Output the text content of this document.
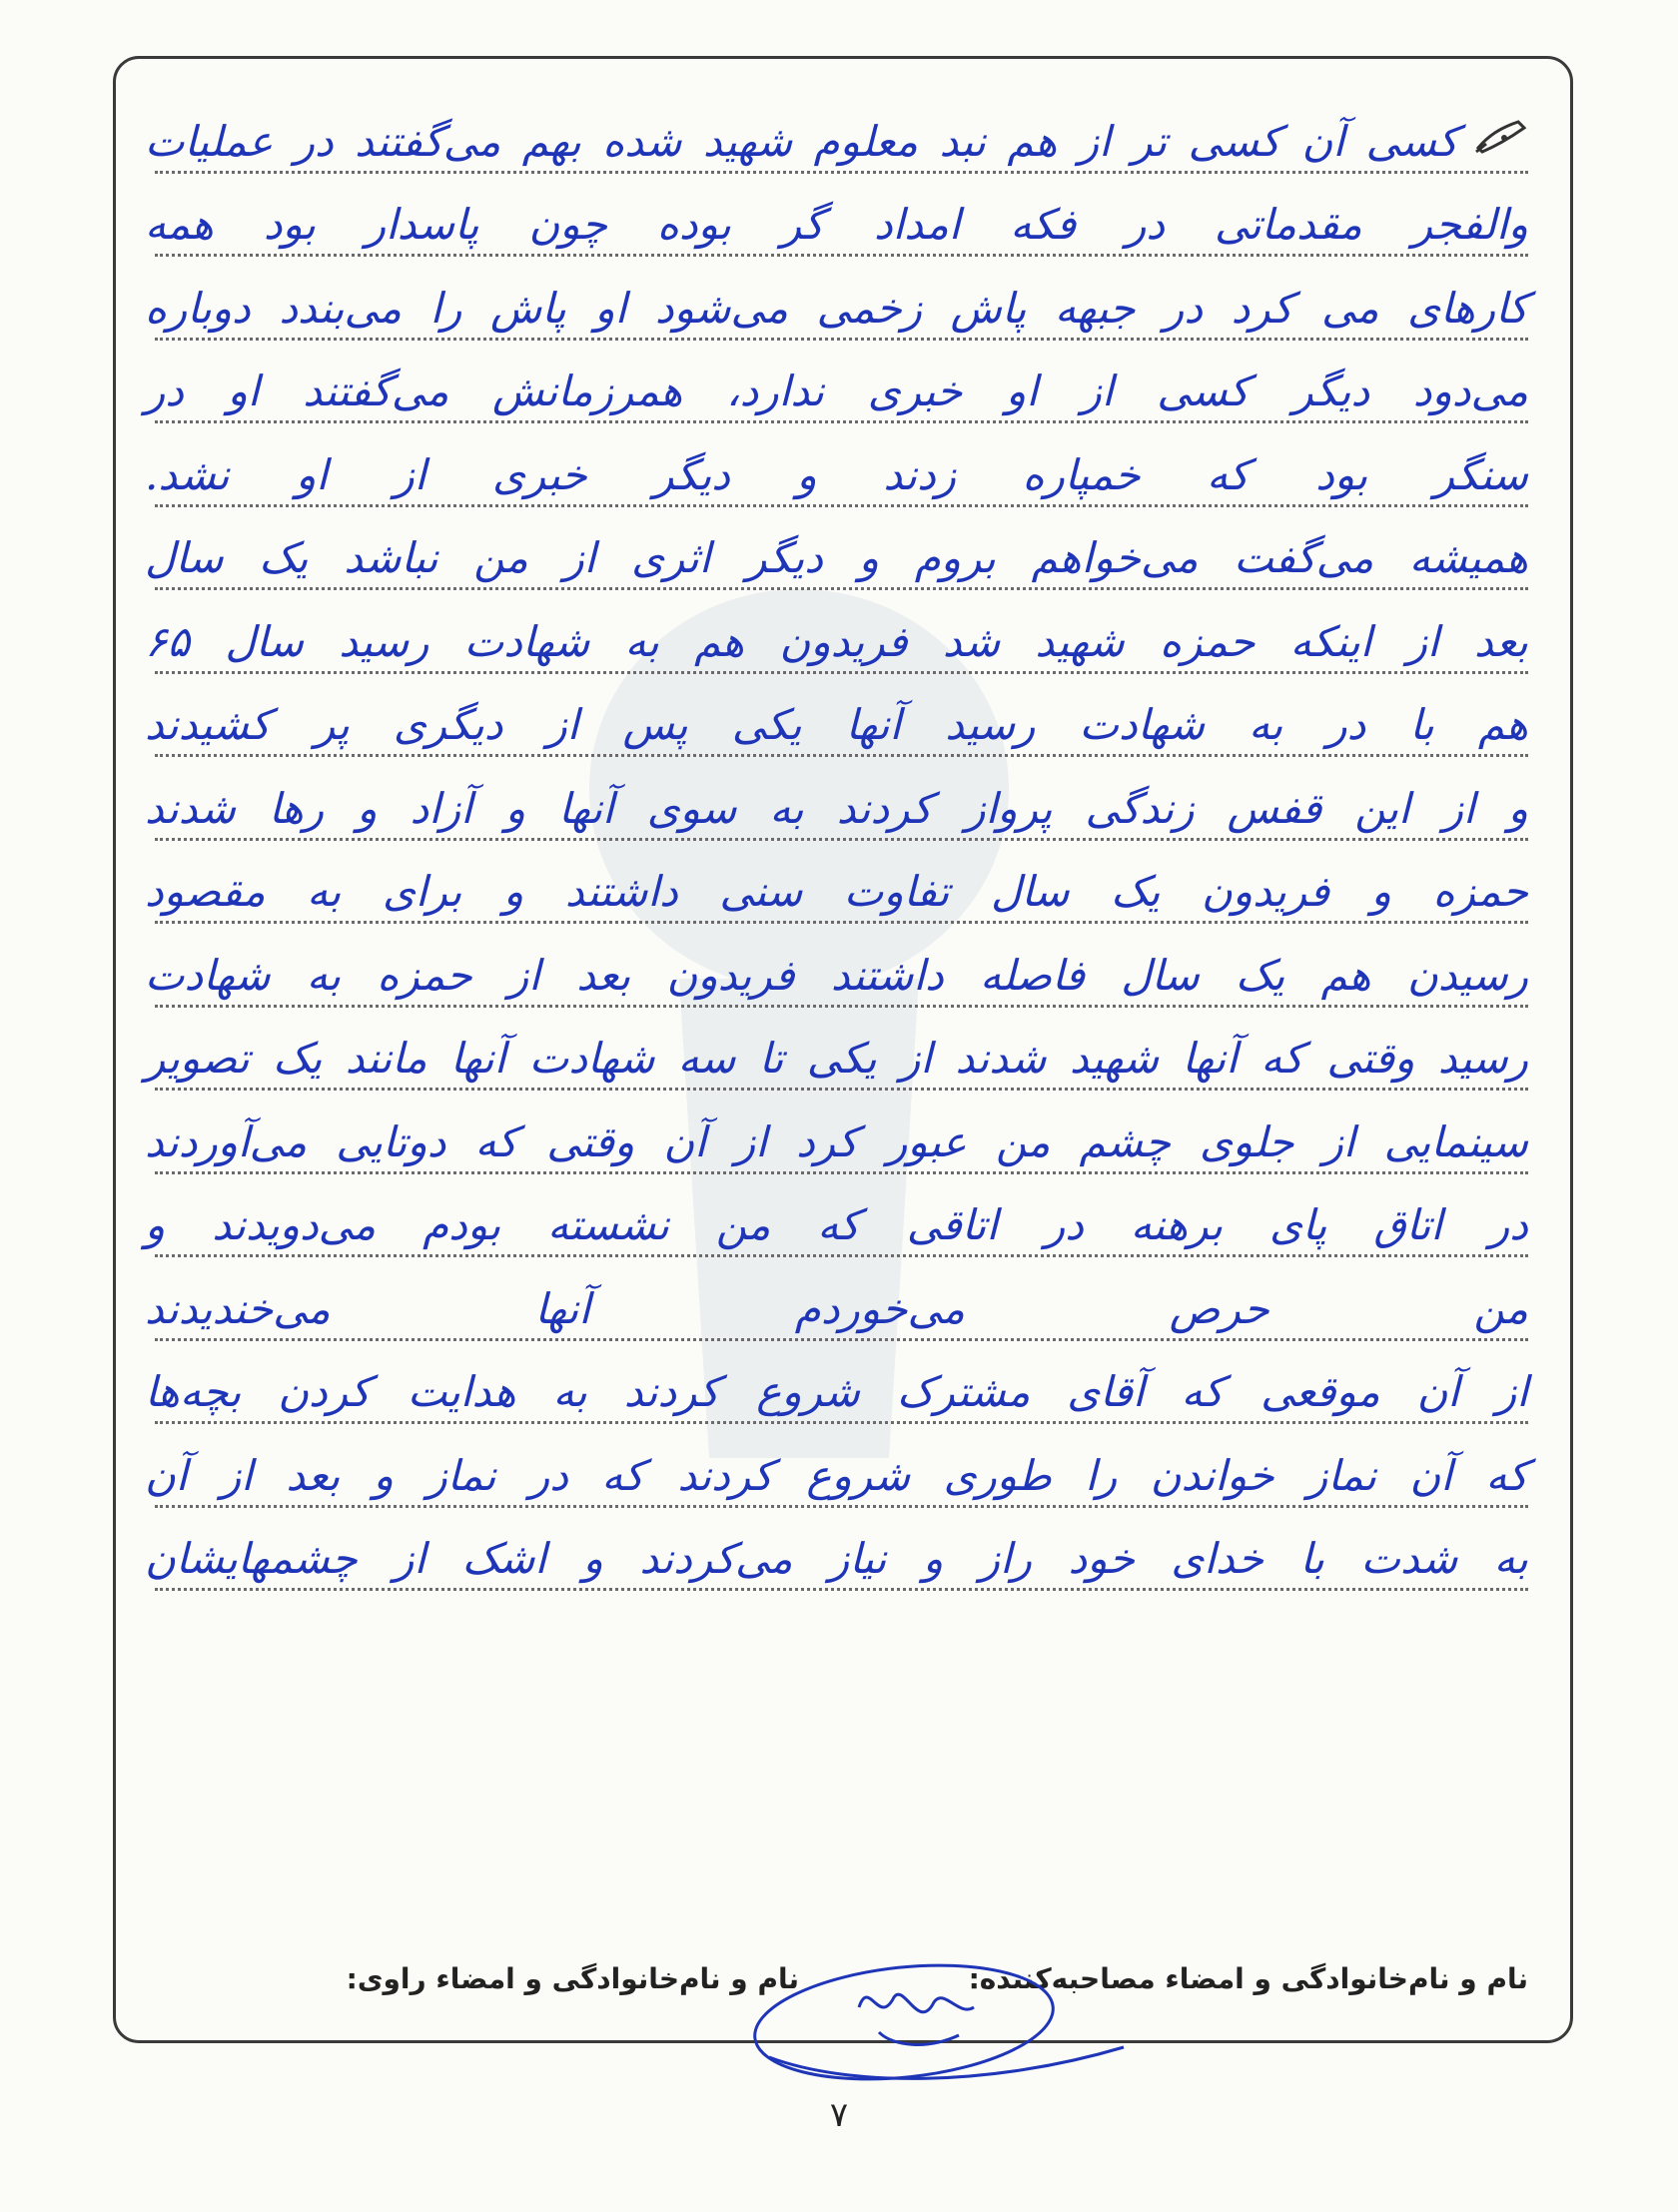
کسی آن کسی تر از هم نبد معلوم شهید شده بهم می‌گفتند در عملیات
والفجر مقدماتی در فکه امداد گر بوده چون پاسدار بود همه
کارهای می کرد در جبهه پاش زخمی می‌شود او پاش را می‌بندد دوباره
می‌دود دیگر کسی از او خبری ندارد، همرزمانش می‌گفتند او در
سنگر بود که خمپاره زدند و دیگر خبری از او نشد.
همیشه می‌گفت می‌خواهم بروم و دیگر اثری از من نباشد یک سال
بعد از اینکه حمزه شهید شد فریدون هم به شهادت رسید سال ۶۵
هم با در به شهادت رسید آنها یکی پس از دیگری پر کشیدند
و از این قفس زندگی پرواز کردند به سوی آنها و آزاد و رها شدند
حمزه و فریدون یک سال تفاوت سنی داشتند و برای به مقصود
رسیدن هم یک سال فاصله داشتند فریدون بعد از حمزه به شهادت
رسید وقتی که آنها شهید شدند از یکی تا سه شهادت آنها مانند یک تصویر
سینمایی از جلوی چشم من عبور کرد از آن وقتی که دوتایی می‌آوردند
در اتاق پای برهنه در اتاقی که من نشسته بودم می‌دویدند و
من حرص می‌خوردم آنها می‌خندیدند
از آن موقعی که آقای مشترک شروع کردند به هدایت کردن بچه‌ها
که آن نماز خواندن را طوری شروع کردند که در نماز و بعد از آن
به شدت با خدای خود راز و نیاز می‌کردند و اشک از چشمهایشان
نام و نام‌خانوادگی و امضاء مصاحبه‌کننده:
نام و نام‌خانوادگی و امضاء راوی:
۷
